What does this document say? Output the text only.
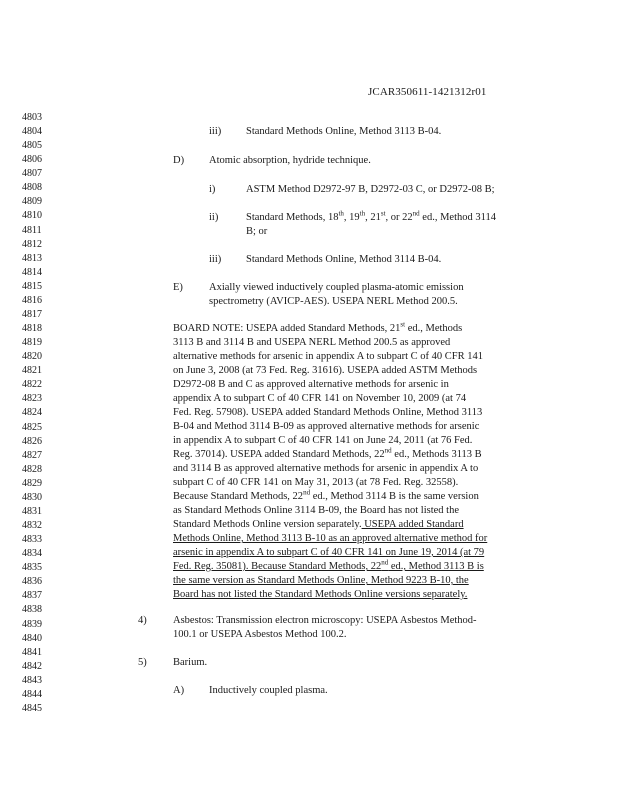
JCAR350611-1421312r01
4803
4804
4805
4806
4807
4808
4809
4810
4811
4812
4813
4814
4815
4816
4817
4818
4819
4820
4821
4822
4823
4824
4825
4826
4827
4828
4829
4830
4831
4832
4833
4834
4835
4836
4837
4838
4839
4840
4841
4842
4843
4844
4845
iii) Standard Methods Online, Method 3113 B-04.
D) Atomic absorption, hydride technique.
i)	ASTM Method D2972-97 B, D2972-03 C, or D2972-08 B;
ii)	Standard Methods, 18th, 19th, 21st, or 22nd ed., Method 3114
B; or
iii) Standard Methods Online, Method 3114 B-04.
E) Axially viewed inductively coupled plasma-atomic emission
spectrometry (AVICP-AES). USEPA NERL Method 200.5.
BOARD NOTE: USEPA added Standard Methods, 21st ed., Methods
3113 B and 3114 B and USEPA NERL Method 200.5 as approved
alternative methods for arsenic in appendix A to subpart C of 40 CFR 141
on June 3, 2008 (at 73 Fed. Reg. 31616). USEPA added ASTM Methods
D2972-08 B and C as approved alternative methods for arsenic in
appendix A to subpart C of 40 CFR 141 on November 10, 2009 (at 74
Fed. Reg. 57908). USEPA added Standard Methods Online, Method 3113
B-04 and Method 3114 B-09 as approved alternative methods for arsenic
in appendix A to subpart C of 40 CFR 141 on June 24, 2011 (at 76 Fed.
Reg. 37014). USEPA added Standard Methods, 22nd ed., Methods 3113 B
and 3114 B as approved alternative methods for arsenic in appendix A to
subpart C of 40 CFR 141 on May 31, 2013 (at 78 Fed. Reg. 32558).
Because Standard Methods, 22nd ed., Method 3114 B is the same version
as Standard Methods Online 3114 B-09, the Board has not listed the
Standard Methods Online version separately. USEPA added Standard
Methods Online, Method 3113 B-10 as an approved alternative method for
arsenic in appendix A to subpart C of 40 CFR 141 on June 19, 2014 (at 79
Fed. Reg. 35081). Because Standard Methods, 22nd ed., Method 3113 B is
the same version as Standard Methods Online, Method 9223 B-10, the
Board has not listed the Standard Methods Online versions separately.
4)	Asbestos: Transmission electron microscopy: USEPA Asbestos Method-
100.1 or USEPA Asbestos Method 100.2.
5)	Barium.
A) Inductively coupled plasma.
